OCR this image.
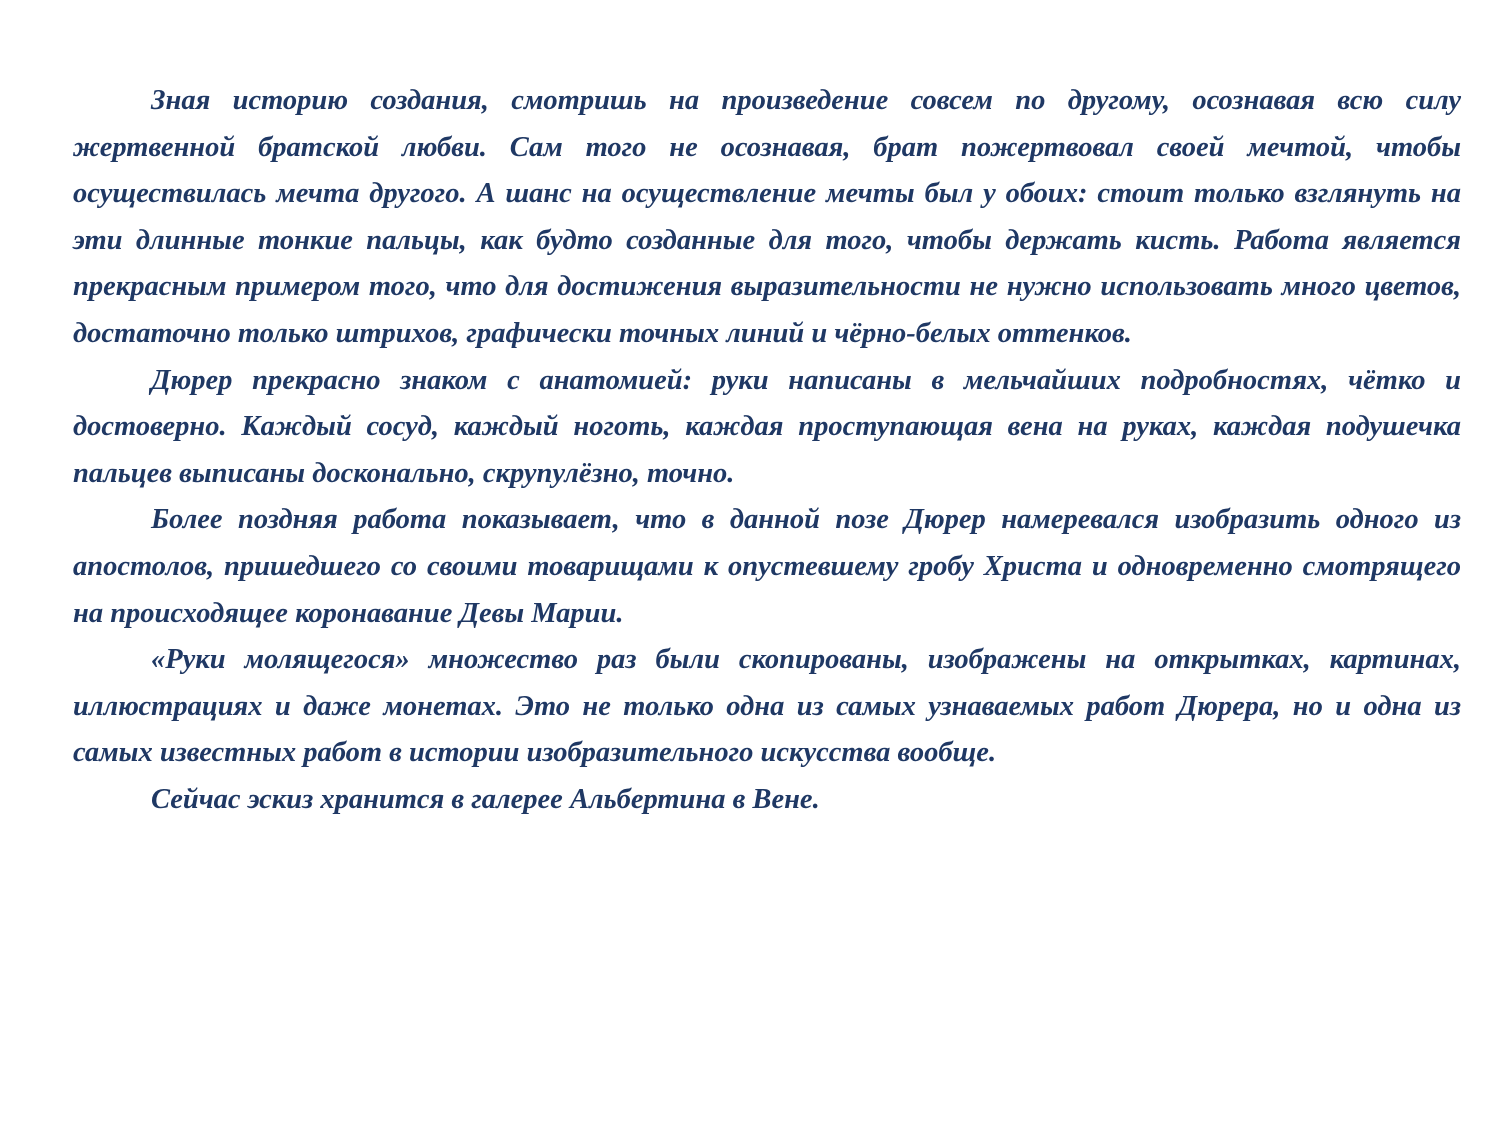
Зная историю создания, смотришь на произведение совсем по другому, осознавая всю силу жертвенной братской любви. Сам того не осознавая, брат пожертвовал своей мечтой, чтобы осуществилась мечта другого. А шанс на осуществление мечты был у обоих: стоит только взглянуть на эти длинные тонкие пальцы, как будто созданные для того, чтобы держать кисть. Работа является прекрасным примером того, что для достижения выразительности не нужно использовать много цветов, достаточно только штрихов, графически точных линий и чёрно-белых оттенков.

Дюрер прекрасно знаком с анатомией: руки написаны в мельчайших подробностях, чётко и достоверно. Каждый сосуд, каждый ноготь, каждая проступающая вена на руках, каждая подушечка пальцев выписаны досконально, скрупулёзно, точно.

Более поздняя работа показывает, что в данной позе Дюрер намеревался изобразить одного из апостолов, пришедшего со своими товарищами к опустевшему гробу Христа и одновременно смотрящего на происходящее коронавание Девы Марии.

«Руки молящегося» множество раз были скопированы, изображены на открытках, картинах, иллюстрациях и даже монетах. Это не только одна из самых узнаваемых работ Дюрера, но и одна из самых известных работ в истории изобразительного искусства вообще.

Сейчас эскиз хранится в галерее Альбертина в Вене.
